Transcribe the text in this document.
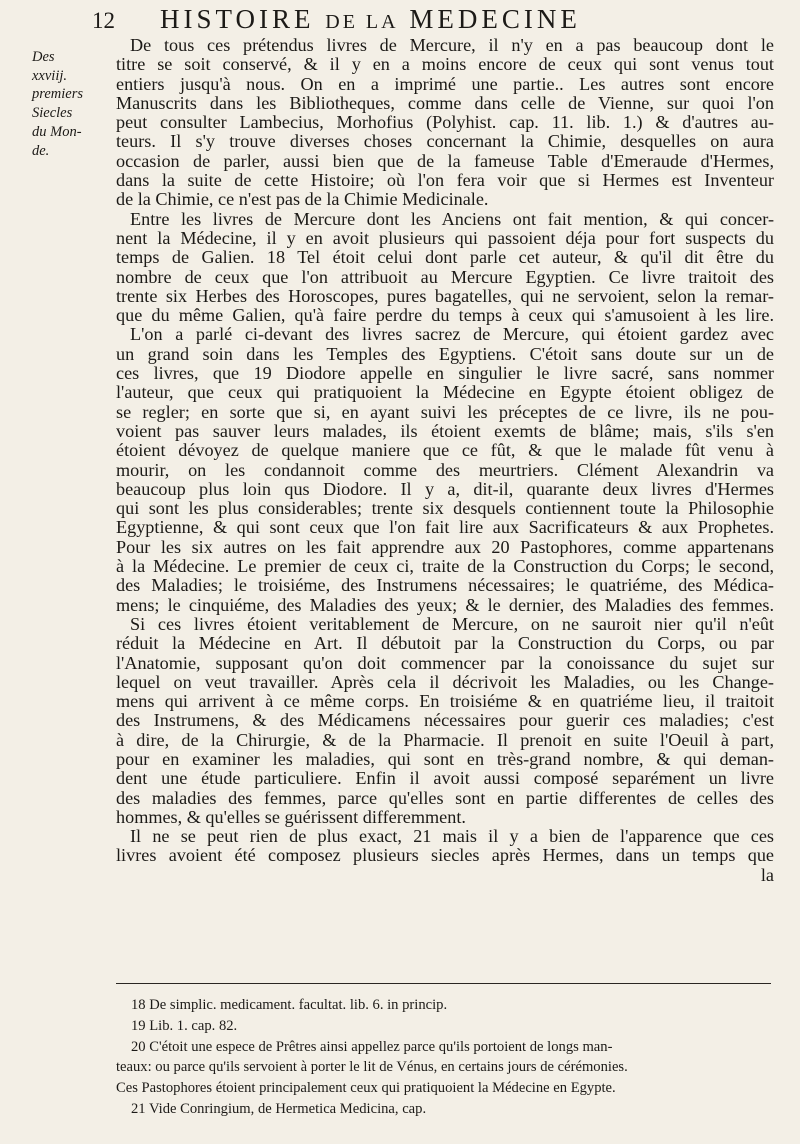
12 HISTOIRE DE LA MEDECINE
Des
xxviij.
premiers
Siecles
du Mon-
de.
De tous ces prétendus livres de Mercure, il n'y en a pas beaucoup dont le
titre se soit conservé, & il y en a moins encore de ceux qui sont venus tout
entiers jusqu'à nous. On en a imprimé une partie.. Les autres sont encore
Manuscrits dans les Bibliotheques, comme dans celle de Vienne, sur quoi l'on
peut consulter Lambecius, Morhofius (Polyhist. cap. 11. lib. 1.) & d'autres au-
teurs. Il s'y trouve diverses choses concernant la Chimie, desquelles on aura
occasion de parler, aussi bien que de la fameuse Table d'Emeraude d'Hermes,
dans la suite de cette Histoire; où l'on fera voir que si Hermes est Inventeur
de la Chimie, ce n'est pas de la Chimie Medicinale.
Entre les livres de Mercure dont les Anciens ont fait mention, & qui concer-
nent la Médecine, il y en avoit plusieurs qui passoient déja pour fort suspects du
temps de Galien. 18 Tel étoit celui dont parle cet auteur, & qu'il dit être du
nombre de ceux que l'on attribuoit au Mercure Egyptien. Ce livre traitoit des
trente six Herbes des Horoscopes, pures bagatelles, qui ne servoient, selon la remar-
que du même Galien, qu'à faire perdre du temps à ceux qui s'amusoient à les lire.
L'on a parlé ci-devant des livres sacrez de Mercure, qui étoient gardez avec
un grand soin dans les Temples des Egyptiens. C'étoit sans doute sur un de
ces livres, que 19 Diodore appelle en singulier le livre sacré, sans nommer
l'auteur, que ceux qui pratiquoient la Médecine en Egypte étoient obligez de
se regler; en sorte que si, en ayant suivi les préceptes de ce livre, ils ne pou-
voient pas sauver leurs malades, ils étoient exemts de blâme; mais, s'ils s'en
étoient dévoyez de quelque maniere que ce fût, & que le malade fût venu à
mourir, on les condannoit comme des meurtriers. Clément Alexandrin va
beaucoup plus loin qus Diodore. Il y a, dit-il, quarante deux livres d'Hermes
qui sont les plus considerables; trente six desquels contiennent toute la Philosophie
Egyptienne, & qui sont ceux que l'on fait lire aux Sacrificateurs & aux Prophetes.
Pour les six autres on les fait apprendre aux 20 Pastophores, comme appartenans
à la Médecine. Le premier de ceux ci, traite de la Construction du Corps; le second,
des Maladies; le troisiéme, des Instrumens nécessaires; le quatriéme, des Médica-
mens; le cinquiéme, des Maladies des yeux; & le dernier, des Maladies des femmes.
Si ces livres étoient veritablement de Mercure, on ne sauroit nier qu'il n'eût
réduit la Médecine en Art. Il débutoit par la Construction du Corps, ou par
l'Anatomie, supposant qu'on doit commencer par la conoissance du sujet sur
lequel on veut travailler. Après cela il décrivoit les Maladies, ou les Change-
mens qui arrivent à ce même corps. En troisiéme & en quatriéme lieu, il traitoit
des Instrumens, & des Médicamens nécessaires pour guerir ces maladies; c'est
à dire, de la Chirurgie, & de la Pharmacie. Il prenoit en suite l'Oeuil à part,
pour en examiner les maladies, qui sont en très-grand nombre, & qui deman-
dent une étude particuliere. Enfin il avoit aussi composé separément un livre
des maladies des femmes, parce qu'elles sont en partie differentes de celles des
hommes, & qu'elles se guérissent differemment.
Il ne se peut rien de plus exact, 21 mais il y a bien de l'apparence que ces
livres avoient été composez plusieurs siecles après Hermes, dans un temps que
la
18 De simplic. medicament. facultat. lib. 6. in princip.
19 Lib. 1. cap. 82.
20 C'étoit une espece de Prêtres ainsi appellez parce qu'ils portoient de longs man-
teaux: ou parce qu'ils servoient à porter le lit de Vénus, en certains jours de cérémonies.
Ces Pastophores étoient principalement ceux qui pratiquoient la Médecine en Egypte.
21 Vide Conringium, de Hermetica Medicina, cap.
